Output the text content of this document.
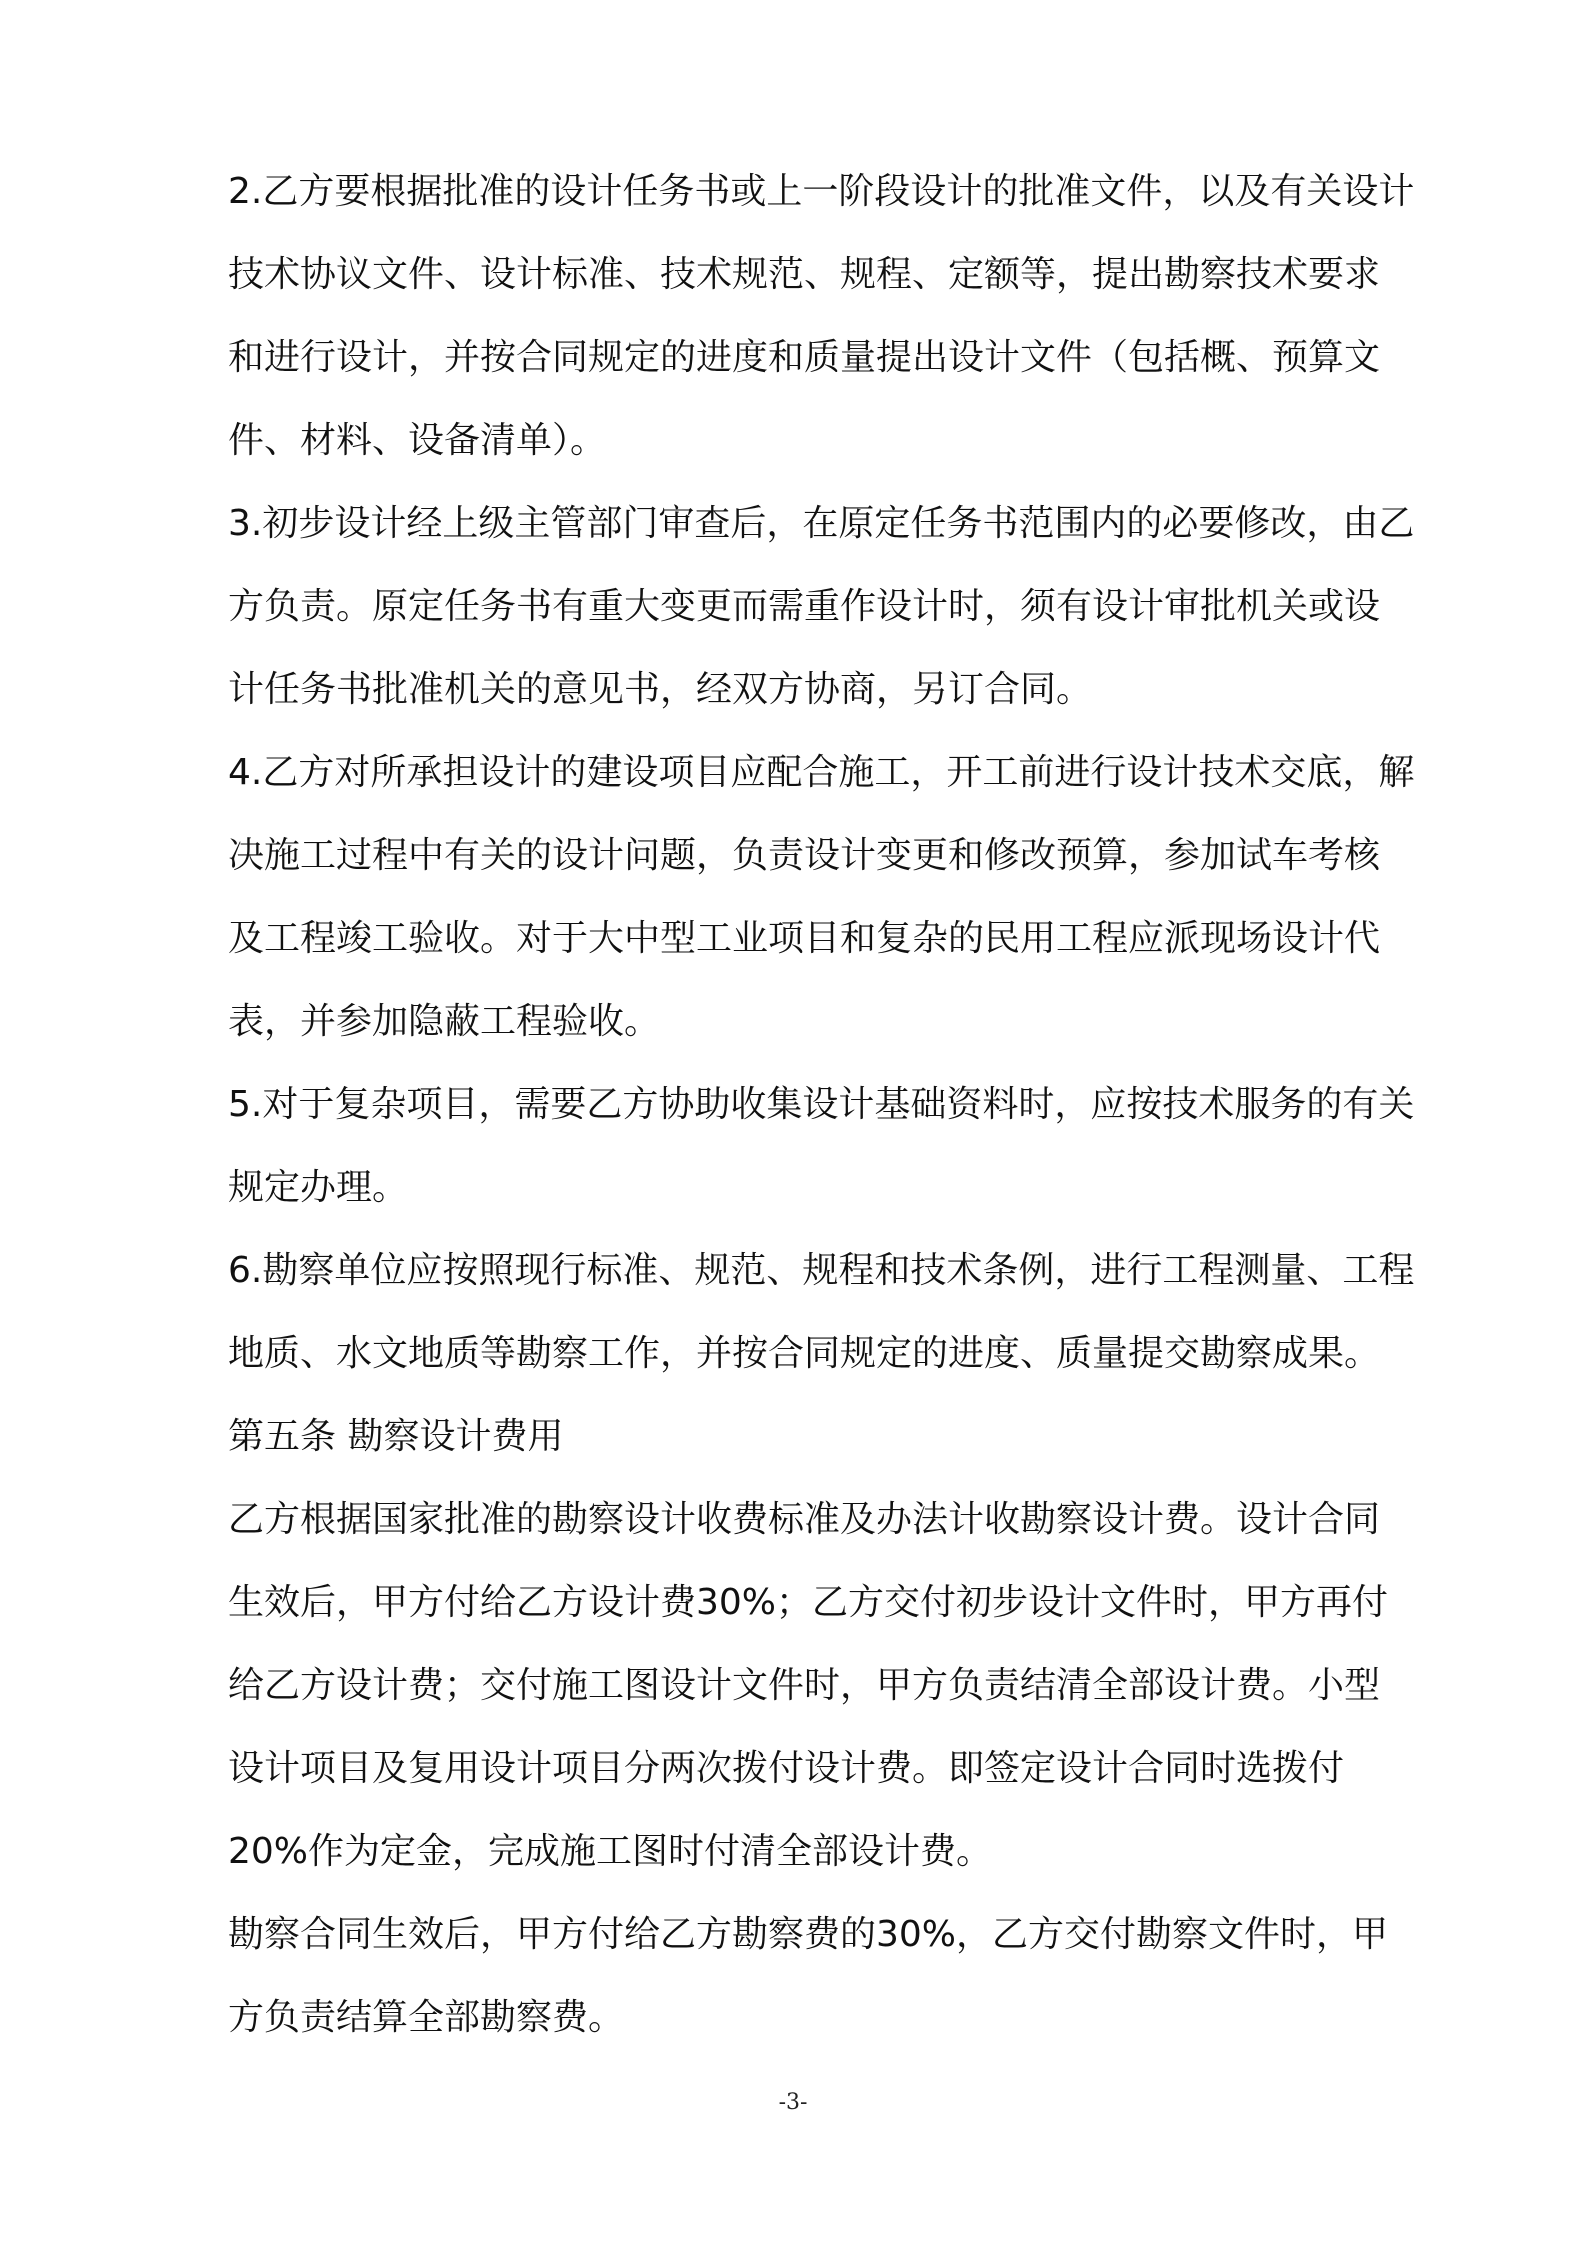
2.乙方要根据批准的设计任务书或上一阶段设计的批准文件，以及有关设计
技术协议文件、设计标准、技术规范、规程、定额等，提出勘察技术要求
和进行设计，并按合同规定的进度和质量提出设计文件（包括概、预算文
件、材料、设备清单）。

3.初步设计经上级主管部门审查后，在原定任务书范围内的必要修改，由乙
方负责。原定任务书有重大变更而需重作设计时，须有设计审批机关或设
计任务书批准机关的意见书，经双方协商，另订合同。

4.乙方对所承担设计的建设项目应配合施工，开工前进行设计技术交底，解
决施工过程中有关的设计问题，负责设计变更和修改预算，参加试车考核
及工程竣工验收。对于大中型工业项目和复杂的民用工程应派现场设计代
表，并参加隐蔽工程验收。

5.对于复杂项目，需要乙方协助收集设计基础资料时，应按技术服务的有关
规定办理。

6.勘察单位应按照现行标准、规范、规程和技术条例，进行工程测量、工程
地质、水文地质等勘察工作，并按合同规定的进度、质量提交勘察成果。

第五条 勘察设计费用

乙方根据国家批准的勘察设计收费标准及办法计收勘察设计费。设计合同
生效后，甲方付给乙方设计费30%；乙方交付初步设计文件时，甲方再付
给乙方设计费；交付施工图设计文件时，甲方负责结清全部设计费。小型
设计项目及复用设计项目分两次拨付设计费。即签定设计合同时选拨付
20%作为定金，完成施工图时付清全部设计费。

勘察合同生效后，甲方付给乙方勘察费的30%，乙方交付勘察文件时，甲
方负责结算全部勘察费。

-3-
